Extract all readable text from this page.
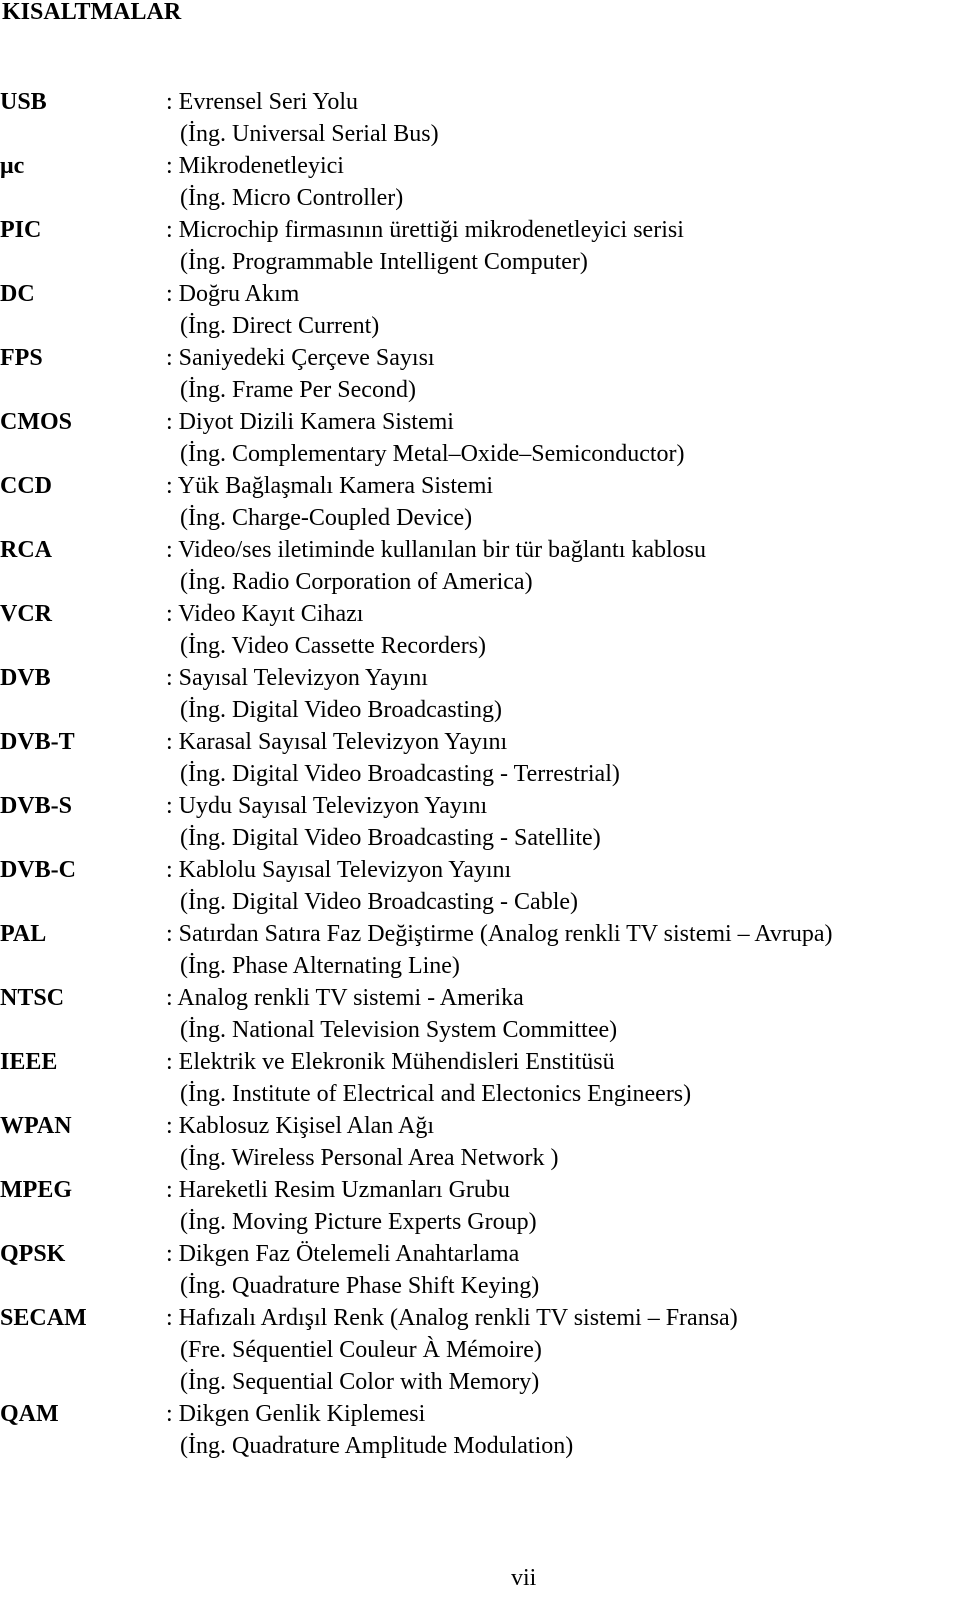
KISALTMALAR
USB	: Evrensel Seri Yolu
(İng. Universal Serial Bus)
μc	: Mikrodenetleyici
(İng. Micro Controller)
PIC	: Microchip firmasının ürettiği mikrodenetleyici serisi
(İng. Programmable Intelligent Computer)
DC	: Doğru Akım
(İng. Direct Current)
FPS	: Saniyedeki Çerçeve Sayısı
(İng. Frame Per Second)
CMOS	: Diyot Dizili Kamera Sistemi
(İng. Complementary Metal–Oxide–Semiconductor)
CCD	: Yük Bağlaşmalı Kamera Sistemi
(İng. Charge-Coupled Device)
RCA	: Video/ses iletiminde kullanılan bir tür bağlantı kablosu
(İng. Radio Corporation of America)
VCR	: Video Kayıt Cihazı
(İng. Video Cassette Recorders)
DVB	: Sayısal Televizyon Yayını
(İng. Digital Video Broadcasting)
DVB-T	: Karasal Sayısal Televizyon Yayını
(İng. Digital Video Broadcasting - Terrestrial)
DVB-S	: Uydu Sayısal Televizyon Yayını
(İng. Digital Video Broadcasting - Satellite)
DVB-C	: Kablolu Sayısal Televizyon Yayını
(İng. Digital Video Broadcasting - Cable)
PAL	: Satırdan Satıra Faz Değiştirme (Analog renkli TV sistemi – Avrupa)
(İng. Phase Alternating Line)
NTSC	: Analog renkli TV sistemi - Amerika
(İng. National Television System Committee)
IEEE	: Elektrik ve Elekronik Mühendisleri Enstitüsü
(İng. Institute of Electrical and Electonics Engineers)
WPAN	: Kablosuz Kişisel Alan Ağı
(İng. Wireless Personal Area Network )
MPEG	: Hareketli Resim Uzmanları Grubu
(İng. Moving Picture Experts Group)
QPSK	: Dikgen Faz Ötelemeli Anahtarlama
(İng. Quadrature Phase Shift Keying)
SECAM	: Hafızalı Ardışıl Renk (Analog renkli TV sistemi – Fransa)
(Fre. Séquentiel Couleur À Mémoire)
(İng. Sequential Color with Memory)
QAM	: Dikgen Genlik Kiplemesi
(İng. Quadrature Amplitude Modulation)
vii
